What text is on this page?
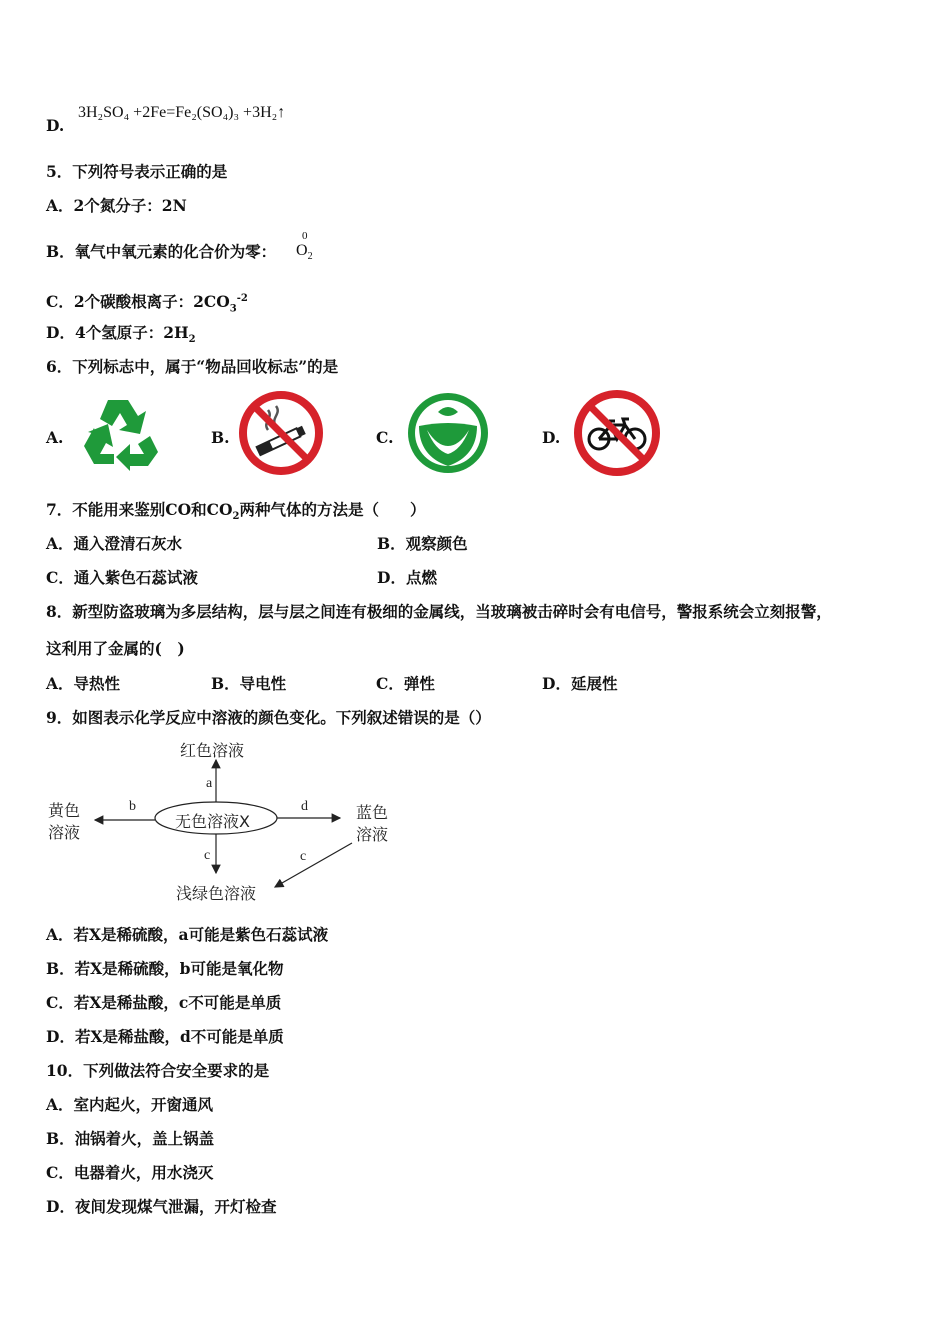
D.
3H₂SO₄ +2Fe=Fe₂(SO₄)₃ +3H₂↑
5．下列符号表示正确的是
A．2个氮分子：2N
B．氧气中氧元素的化合价为零：
0
$O_2$
C．2个碳酸根离子：$2CO_3^{-2}$
D．4个氢原子：$2H_2$
6．下列标志中，属于“物品回收标志”的是
A.	B.	C.	D.
7．不能用来鉴别CO和$CO_2$两种气体的方法是（　　）
A．通入澄清石灰水	B．观察颜色
C．通入紫色石蕊试液	D．点燃
8．新型防盗玻璃为多层结构，层与层之间连有极细的金属线，当玻璃被击碎时会有电信号，警报系统会立刻报警，
这利用了金属的(　)
A．导热性	B．导电性	C．弹性	D．延展性
9．如图表示化学反应中溶液的颜色变化。下列叙述错误的是（）
无色溶液X
红色溶液
黄色
溶液
蓝色
溶液
浅绿色溶液
a
b	d
c	c
A．若X是稀硫酸，a可能是紫色石蕊试液
B．若X是稀硫酸，b可能是氧化物
C．若X是稀盐酸，c不可能是单质
D．若X是稀盐酸，d不可能是单质
10．下列做法符合安全要求的是
A．室内起火，开窗通风
B．油锅着火，盖上锅盖
C．电器着火，用水浇灭
D．夜间发现煤气泄漏，开灯检查
